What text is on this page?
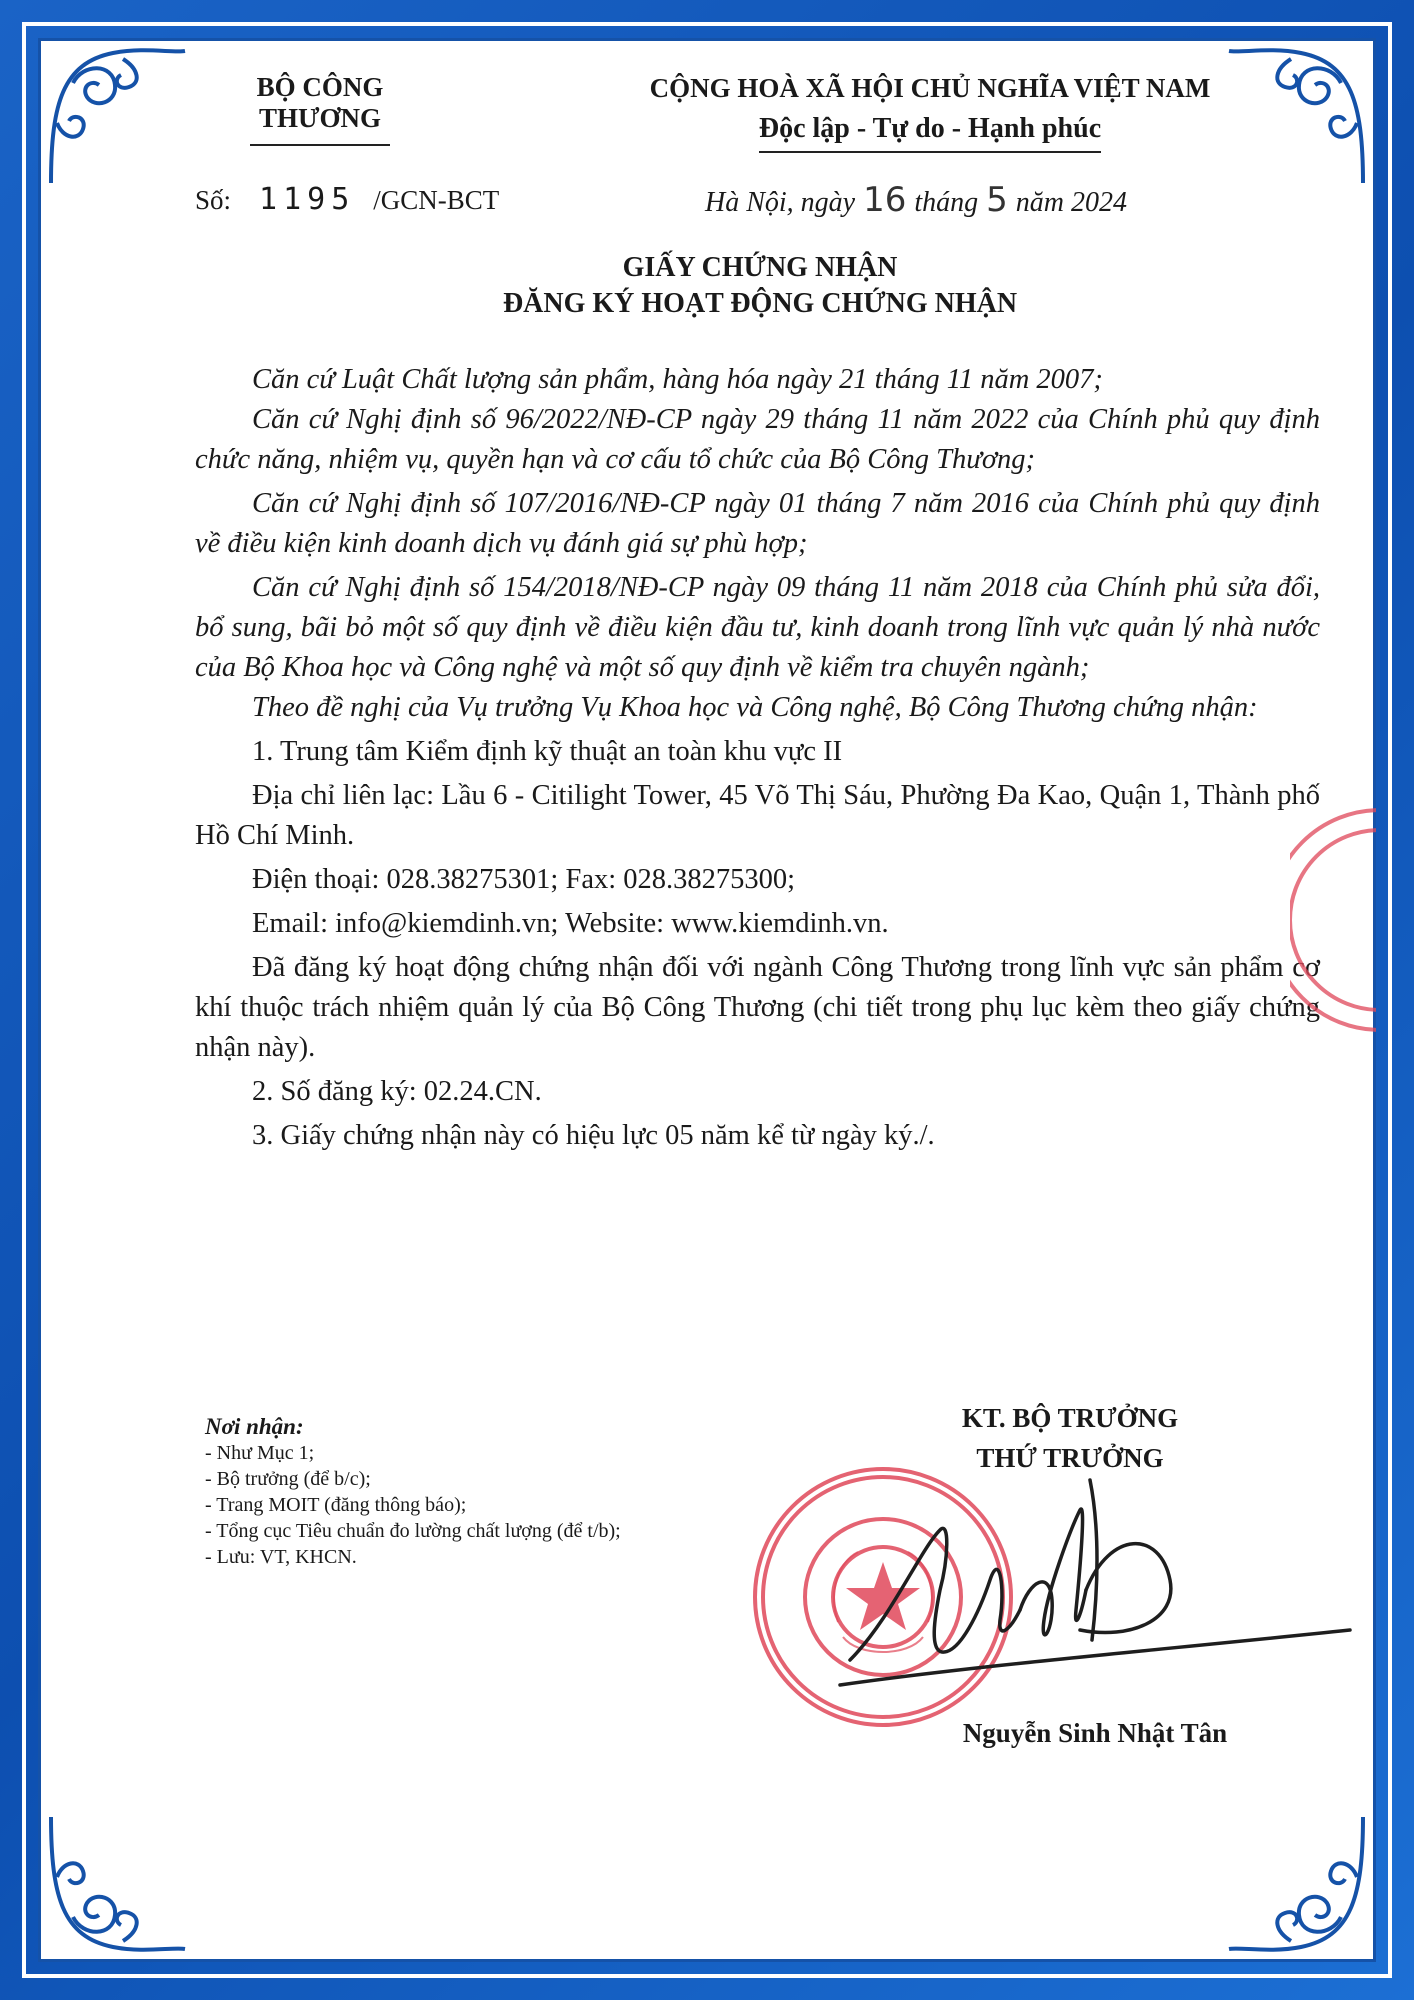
BỘ CÔNG THƯƠNG
CỘNG HOÀ XÃ HỘI CHỦ NGHĨA VIỆT NAM
Độc lập - Tự do - Hạnh phúc
Số: 1195 /GCN-BCT	Hà Nội, ngày 16 tháng 5 năm 2024
GIẤY CHỨNG NHẬN
ĐĂNG KÝ HOẠT ĐỘNG CHỨNG NHẬN

Căn cứ Luật Chất lượng sản phẩm, hàng hóa ngày 21 tháng 11 năm 2007;

Căn cứ Nghị định số 96/2022/NĐ-CP ngày 29 tháng 11 năm 2022 của Chính phủ quy định chức năng, nhiệm vụ, quyền hạn và cơ cấu tổ chức của Bộ Công Thương;

Căn cứ Nghị định số 107/2016/NĐ-CP ngày 01 tháng 7 năm 2016 của Chính phủ quy định về điều kiện kinh doanh dịch vụ đánh giá sự phù hợp;

Căn cứ Nghị định số 154/2018/NĐ-CP ngày 09 tháng 11 năm 2018 của Chính phủ sửa đổi, bổ sung, bãi bỏ một số quy định về điều kiện đầu tư, kinh doanh trong lĩnh vực quản lý nhà nước của Bộ Khoa học và Công nghệ và một số quy định về kiểm tra chuyên ngành;

Theo đề nghị của Vụ trưởng Vụ Khoa học và Công nghệ, Bộ Công Thương chứng nhận:

1. Trung tâm Kiểm định kỹ thuật an toàn khu vực II

Địa chỉ liên lạc: Lầu 6 - Citilight Tower, 45 Võ Thị Sáu, Phường Đa Kao, Quận 1, Thành phố Hồ Chí Minh.

Điện thoại: 028.38275301; Fax: 028.38275300;

Email: info@kiemdinh.vn; Website: www.kiemdinh.vn.

Đã đăng ký hoạt động chứng nhận đối với ngành Công Thương trong lĩnh vực sản phẩm cơ khí thuộc trách nhiệm quản lý của Bộ Công Thương (chi tiết trong phụ lục kèm theo giấy chứng nhận này).

2. Số đăng ký: 02.24.CN.

3. Giấy chứng nhận này có hiệu lực 05 năm kể từ ngày ký./.

Nơi nhận:
- Như Mục 1;
- Bộ trưởng (để b/c);
- Trang MOIT (đăng thông báo);
- Tổng cục Tiêu chuẩn đo lường chất lượng (để t/b);
- Lưu: VT, KHCN.
KT. BỘ TRƯỞNG
THỨ TRƯỞNG
Nguyễn Sinh Nhật Tân
